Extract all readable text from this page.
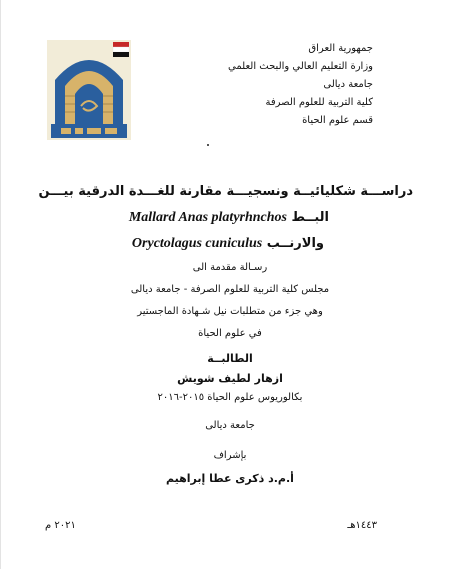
جمهورية العراق
وزارة التعليم العالي والبحث العلمي
جامعة ديالى
كلية التربية للعلوم الصرفة
قسم علوم الحياة
دراســـة شكليائيــة ونسجيـــة مقارنة للغـــدة الدرقية بيـــن
البــط Mallard Anas platyrhnchos
والارنــب Oryctolagus cuniculus
رسـالة مقدمة الى
مجلس كلية التربية للعلوم الصرفة - جامعة ديالى
وهي جزء من متطلبات نيل شـهادة الماجستير
في علوم الحياة
الطالبــة
ازهار لطيف شويش
بكالوريوس علوم الحياة ٢٠١٥-٢٠١٦
جامعة ديالى
بإشراف
أ.م.د ذكرى عطا إبراهيم
٢٠٢١ م	١٤٤٣هـ
